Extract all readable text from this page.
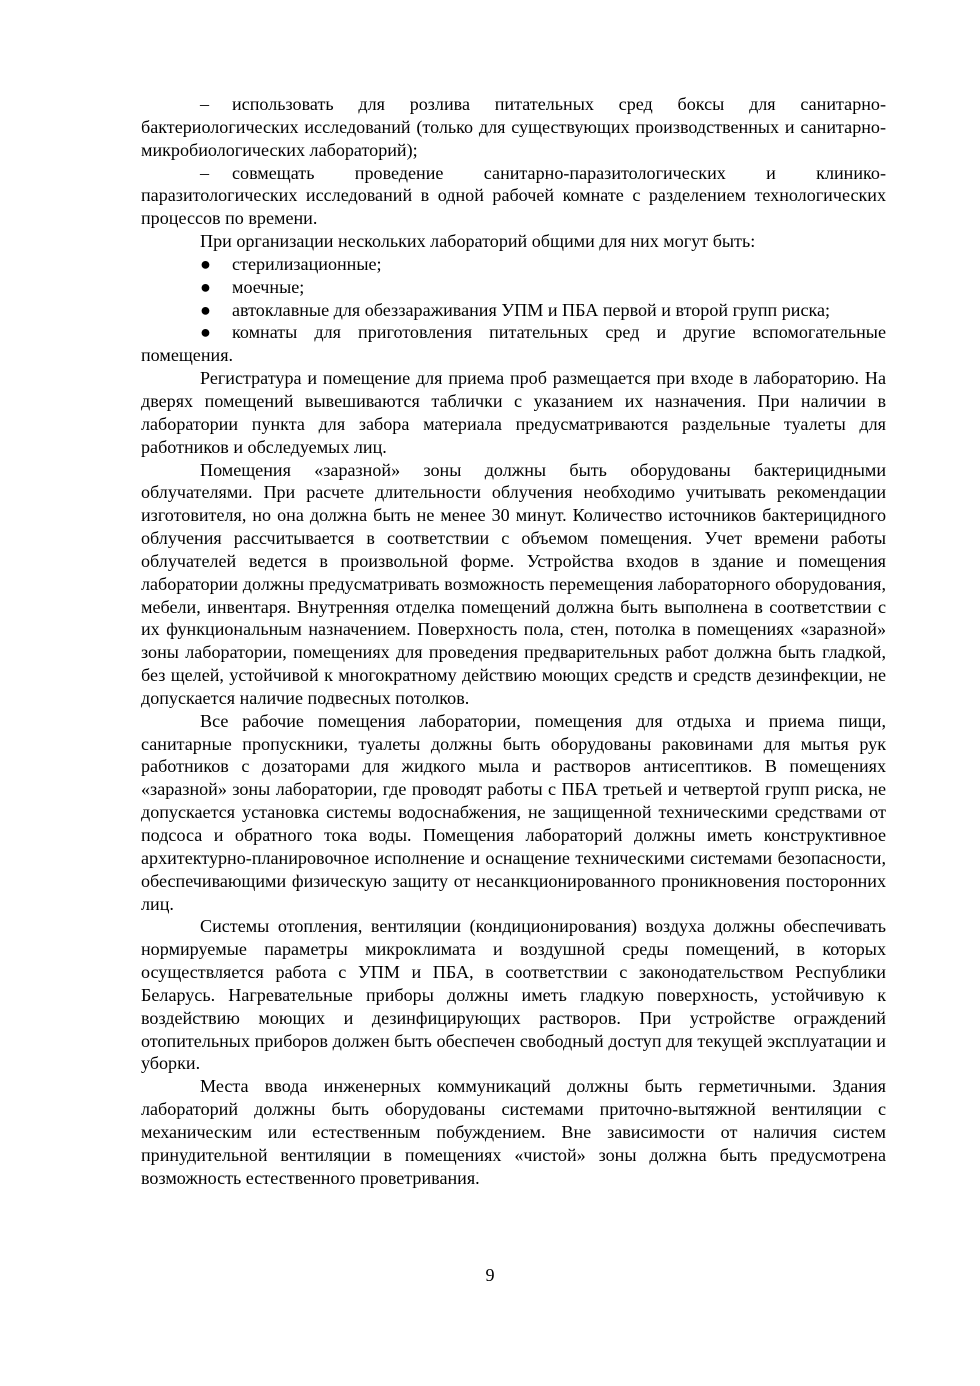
– использовать для розлива питательных сред боксы для санитарно-бактериологических исследований (только для существующих производственных и санитарно-микробиологических лабораторий);

– совмещать проведение санитарно-паразитологических и клинико-паразитологических исследований в одной рабочей комнате с разделением технологических процессов по времени.

При организации нескольких лабораторий общими для них могут быть:

● стерилизационные;

● моечные;

● автоклавные для обеззараживания УПМ и ПБА первой и второй групп риска;

● комнаты для приготовления питательных сред и другие вспомогательные помещения.

Регистратура и помещение для приема проб размещается при входе в лабораторию. На дверях помещений вывешиваются таблички с указанием их назначения. При наличии в лаборатории пункта для забора материала предусматриваются раздельные туалеты для работников и обследуемых лиц.

Помещения «заразной» зоны должны быть оборудованы бактерицидными облучателями. При расчете длительности облучения необходимо учитывать рекомендации изготовителя, но она должна быть не менее 30 минут. Количество источников бактерицидного облучения рассчитывается в соответствии с объемом помещения. Учет времени работы облучателей ведется в произвольной форме. Устройства входов в здание и помещения лаборатории должны предусматривать возможность перемещения лабораторного оборудования, мебели, инвентаря. Внутренняя отделка помещений должна быть выполнена в соответствии с их функциональным назначением. Поверхность пола, стен, потолка в помещениях «заразной» зоны лаборатории, помещениях для проведения предварительных работ должна быть гладкой, без щелей, устойчивой к многократному действию моющих средств и средств дезинфекции, не допускается наличие подвесных потолков.

Все рабочие помещения лаборатории, помещения для отдыха и приема пищи, санитарные пропускники, туалеты должны быть оборудованы раковинами для мытья рук работников с дозаторами для жидкого мыла и растворов антисептиков. В помещениях «заразной» зоны лаборатории, где проводят работы с ПБА третьей и четвертой групп риска, не допускается установка системы водоснабжения, не защищенной техническими средствами от подсоса и обратного тока воды. Помещения лабораторий должны иметь конструктивное архитектурно-планировочное исполнение и оснащение техническими системами безопасности, обеспечивающими физическую защиту от несанкционированного проникновения посторонних лиц.

Системы отопления, вентиляции (кондиционирования) воздуха должны обеспечивать нормируемые параметры микроклимата и воздушной среды помещений, в которых осуществляется работа с УПМ и ПБА, в соответствии с законодательством Республики Беларусь. Нагревательные приборы должны иметь гладкую поверхность, устойчивую к воздействию моющих и дезинфицирующих растворов. При устройстве ограждений отопительных приборов должен быть обеспечен свободный доступ для текущей эксплуатации и уборки.

Места ввода инженерных коммуникаций должны быть герметичными. Здания лабораторий должны быть оборудованы системами приточно-вытяжной вентиляции с механическим или естественным побуждением. Вне зависимости от наличия систем принудительной вентиляции в помещениях «чистой» зоны должна быть предусмотрена возможность естественного проветривания.

9
